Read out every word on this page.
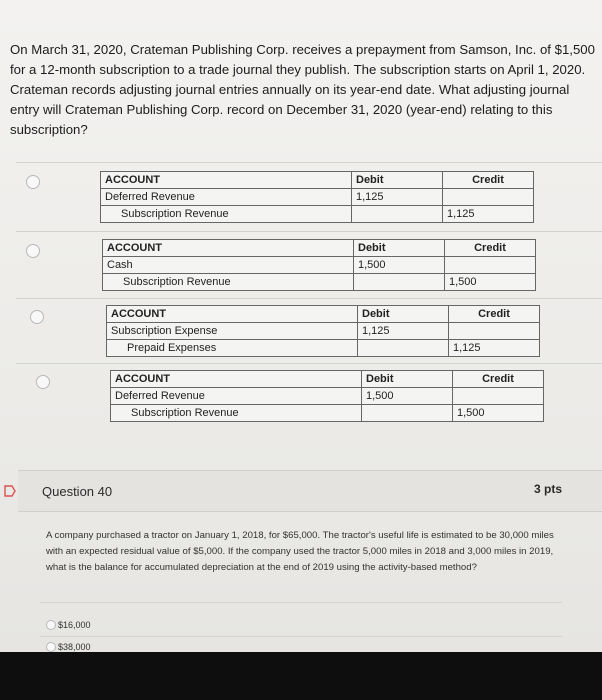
On March 31, 2020, Crateman Publishing Corp. receives a prepayment from Samson, Inc. of $1,500 for a 12-month subscription to a trade journal they publish. The subscription starts on April 1, 2020. Crateman records adjusting journal entries annually on its year-end date. What adjusting journal entry will Crateman Publishing Corp. record on December 31, 2020 (year-end) relating to this subscription?
ACCOUNT	Debit	Credit
Deferred Revenue	1,125	
Subscription Revenue		1,125
ACCOUNT	Debit	Credit
Cash	1,500	
Subscription Revenue		1,500
ACCOUNT	Debit	Credit
Subscription Expense	1,125	
Prepaid Expenses		1,125
ACCOUNT	Debit	Credit
Deferred Revenue	1,500	
Subscription Revenue		1,500
Question 40	3 pts
A company purchased a tractor on January 1, 2018, for $65,000. The tractor's useful life is estimated to be 30,000 miles with an expected residual value of $5,000. If the company used the tractor 5,000 miles in 2018 and 3,000 miles in 2019, what is the balance for accumulated depreciation at the end of 2019 using the activity-based method?
$16,000
$38,000
